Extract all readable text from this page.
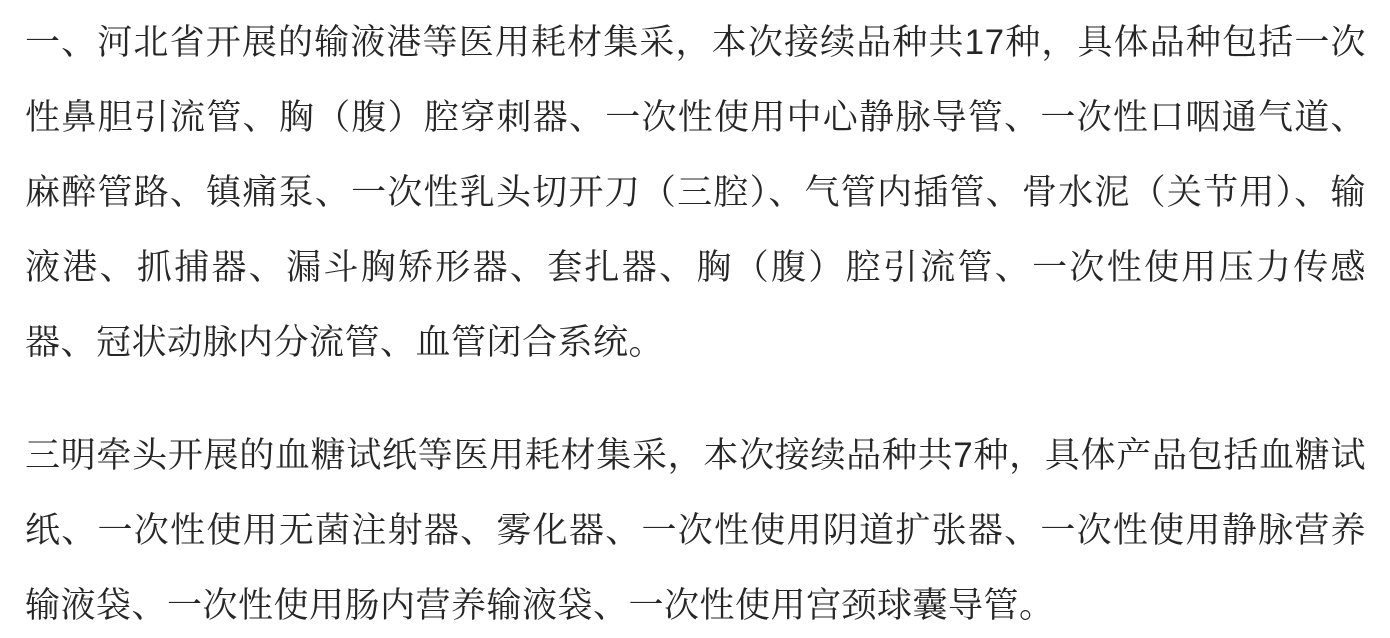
一、河北省开展的输液港等医用耗材集采，本次接续品种共17种，具体品种包括一次性鼻胆引流管、胸（腹）腔穿刺器、一次性使用中心静脉导管、一次性口咽通气道、麻醉管路、镇痛泵、一次性乳头切开刀（三腔）、气管内插管、骨水泥（关节用）、输液港、抓捕器、漏斗胸矫形器、套扎器、胸（腹）腔引流管、一次性使用压力传感器、冠状动脉内分流管、血管闭合系统。

三明牵头开展的血糖试纸等医用耗材集采，本次接续品种共7种，具体产品包括血糖试纸、一次性使用无菌注射器、雾化器、一次性使用阴道扩张器、一次性使用静脉营养输液袋、一次性使用肠内营养输液袋、一次性使用宫颈球囊导管。
